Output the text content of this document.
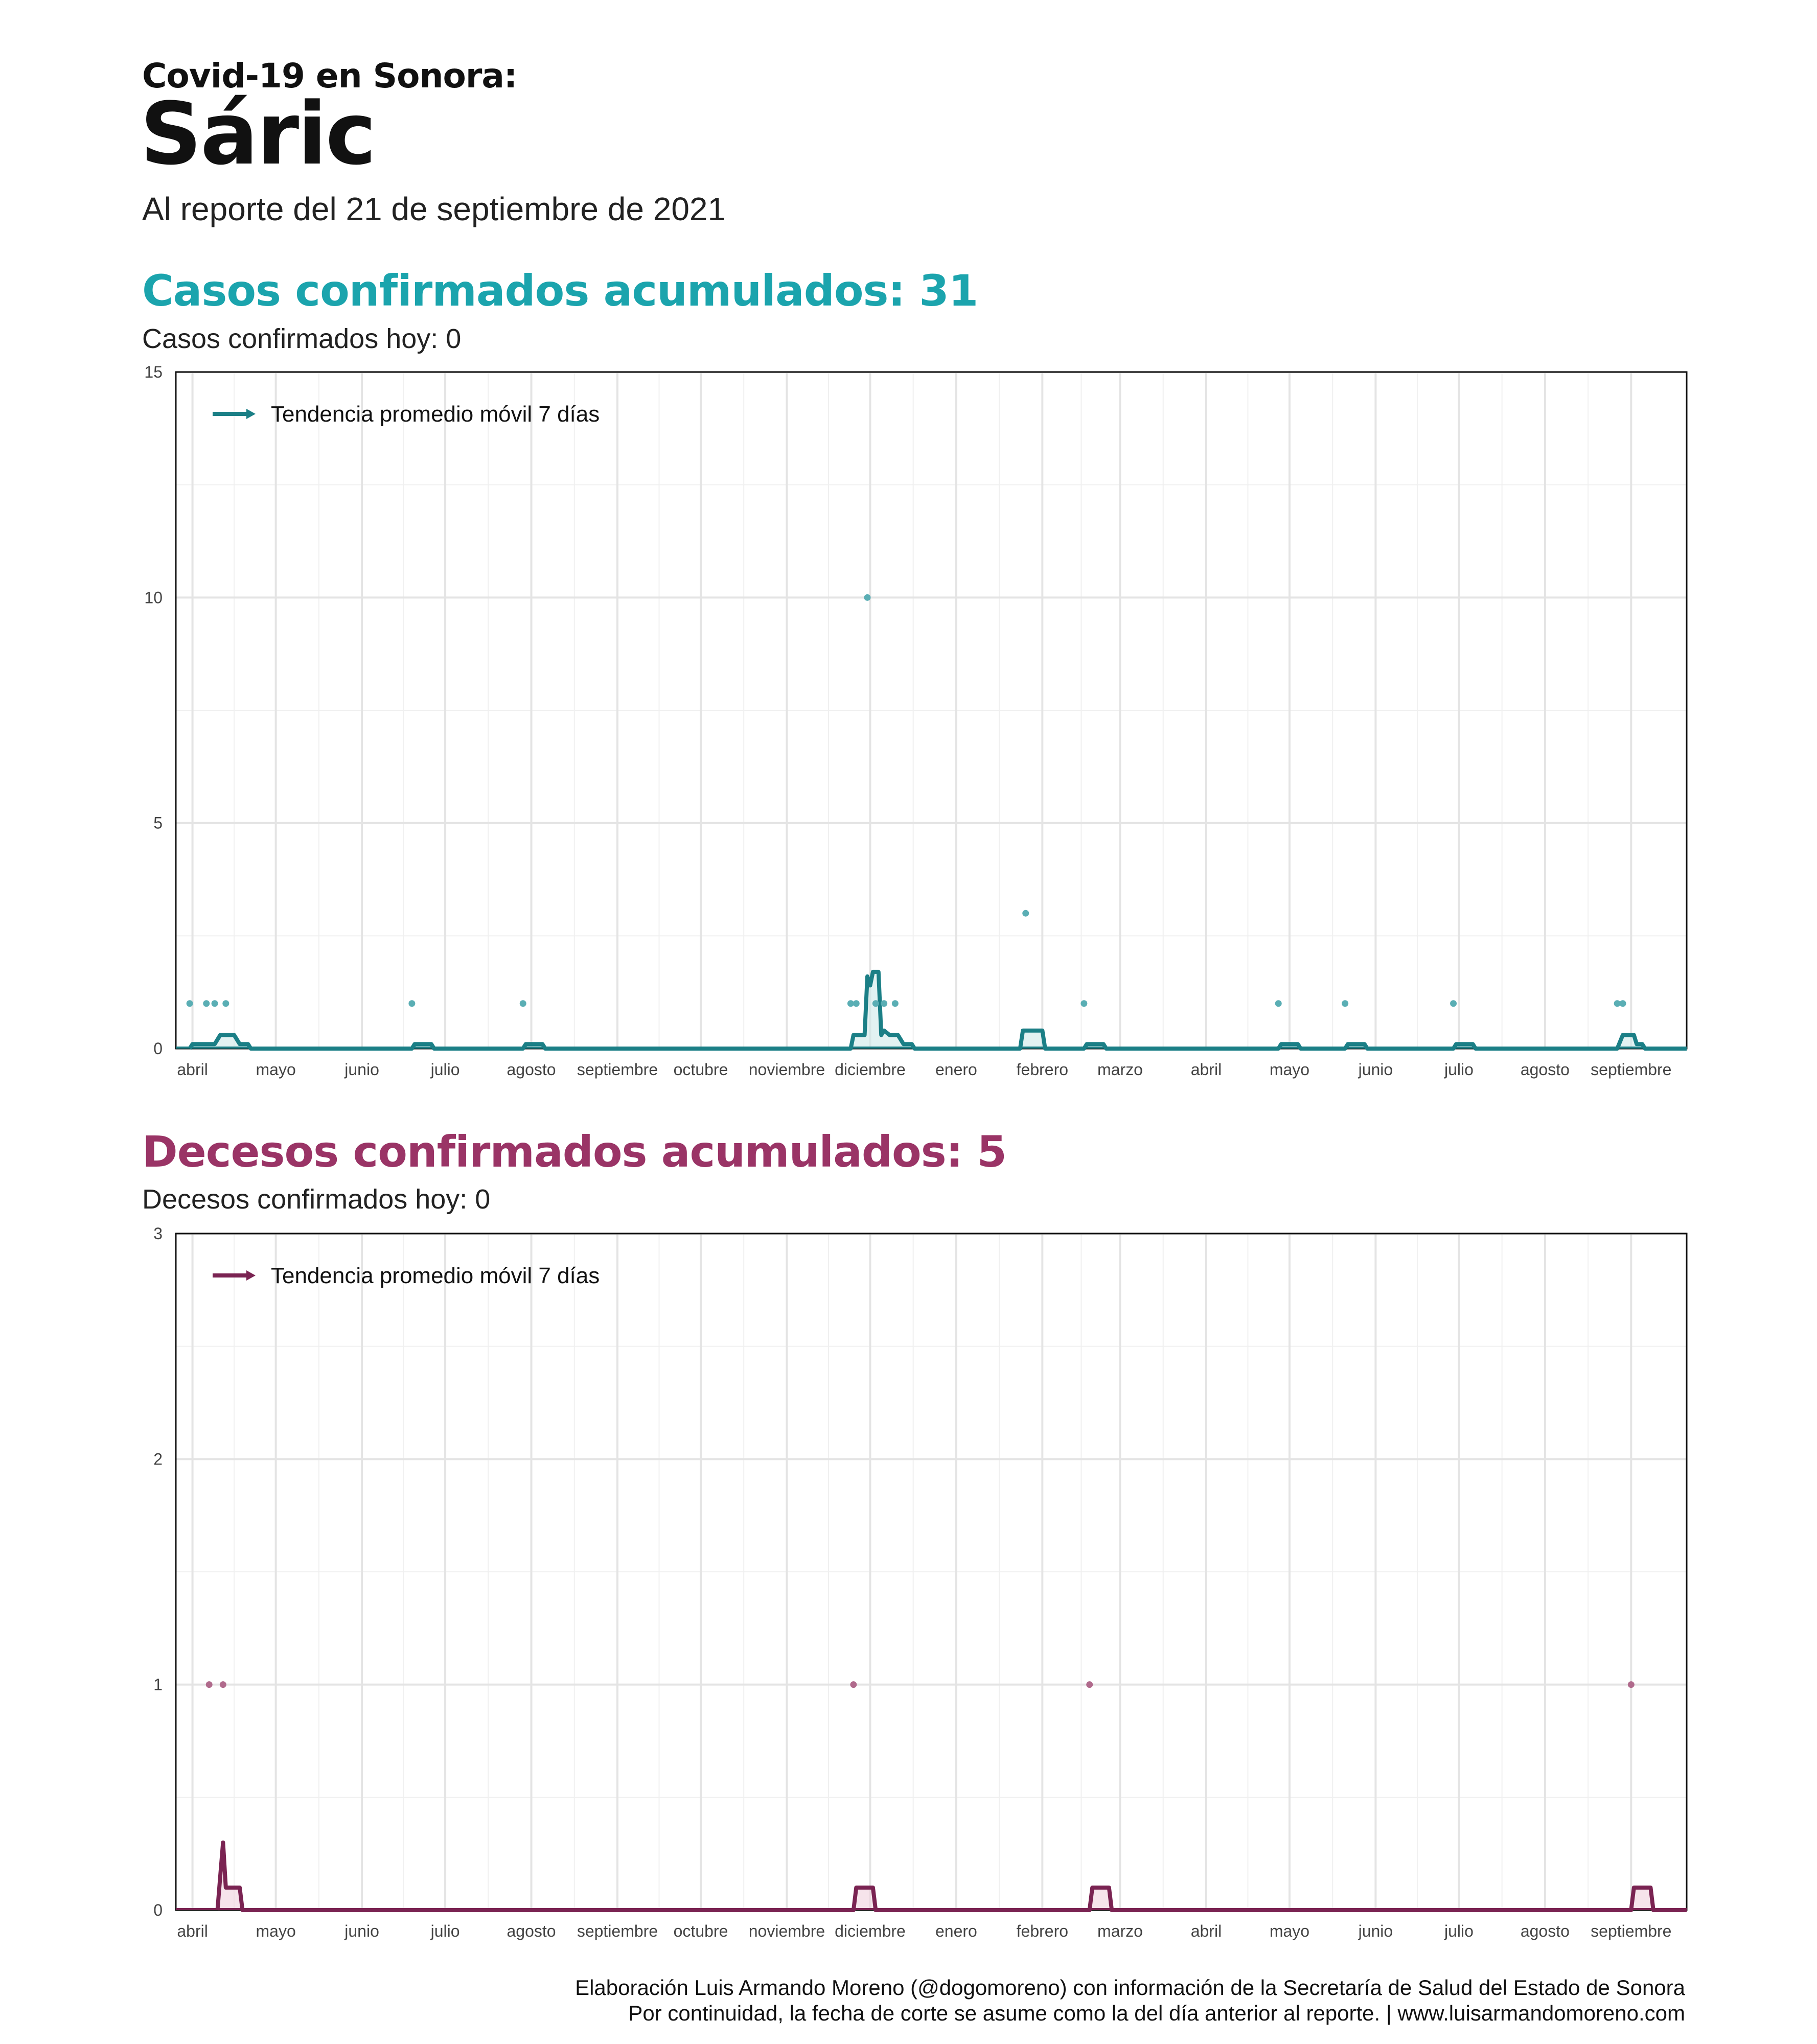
Covid-19 en Sonora:
Sáric
Al reporte del 21 de septiembre de 2021
Casos confirmados acumulados: 31
Casos confirmados hoy: 0
0
5
10
15
abril	mayo	junio	julio	agosto septiembre octubre noviembre diciembre enero febrero marzo	abril	mayo	junio	julio	agosto septiembre
Tendencia promedio móvil 7 días
Decesos confirmados acumulados: 5
Decesos confirmados hoy: 0
0
1
2
3
abril	mayo	junio	julio	agosto septiembre octubre noviembre diciembre enero febrero marzo	abril	mayo	junio	julio	agosto septiembre
Tendencia promedio móvil 7 días
Elaboración Luis Armando Moreno (@dogomoreno) con información de la Secretaría de Salud del Estado de Sonora
Por continuidad, la fecha de corte se asume como la del día anterior al reporte. | www.luisarmandomoreno.com
